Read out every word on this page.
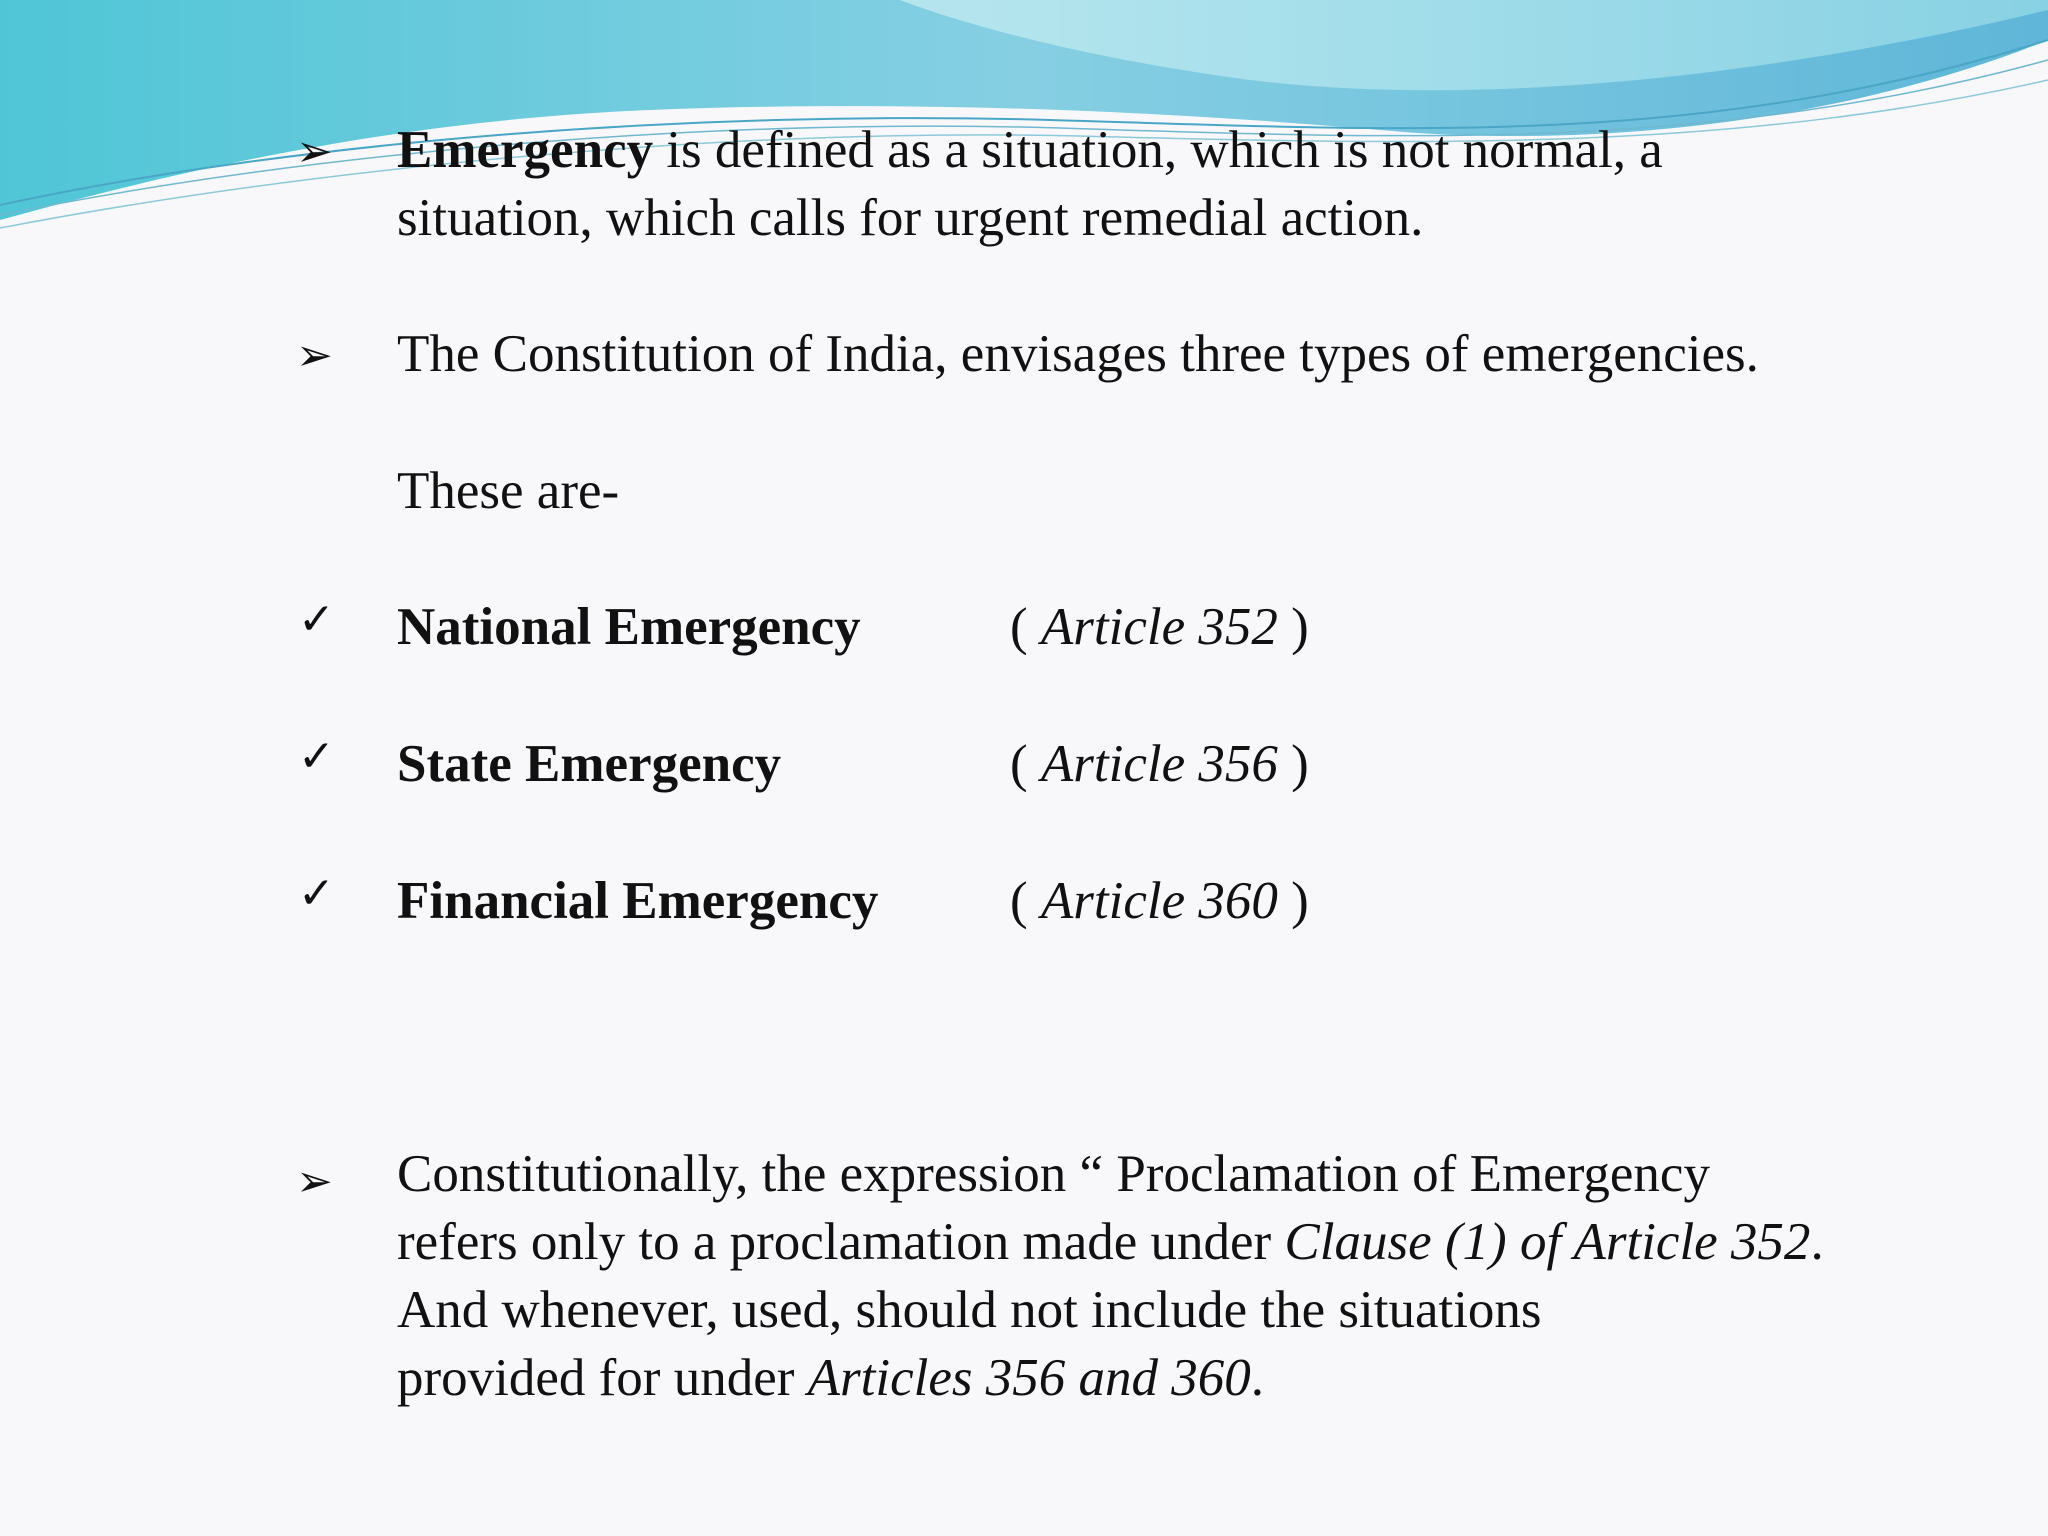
➢ Emergency is defined as a situation, which is not normal, a
situation, which calls for urgent remedial action.
➢ The Constitution of India, envisages three types of emergencies.
These are-
✓ National Emergency	( Article 352 )
✓ State Emergency	( Article 356 )
✓ Financial Emergency ( Article 360 )
➢ Constitutionally, the expression “ Proclamation of Emergency
refers only to a proclamation made under Clause (1) of Article 352.
And whenever, used, should not include the situations
provided for under Articles 356 and 360.
